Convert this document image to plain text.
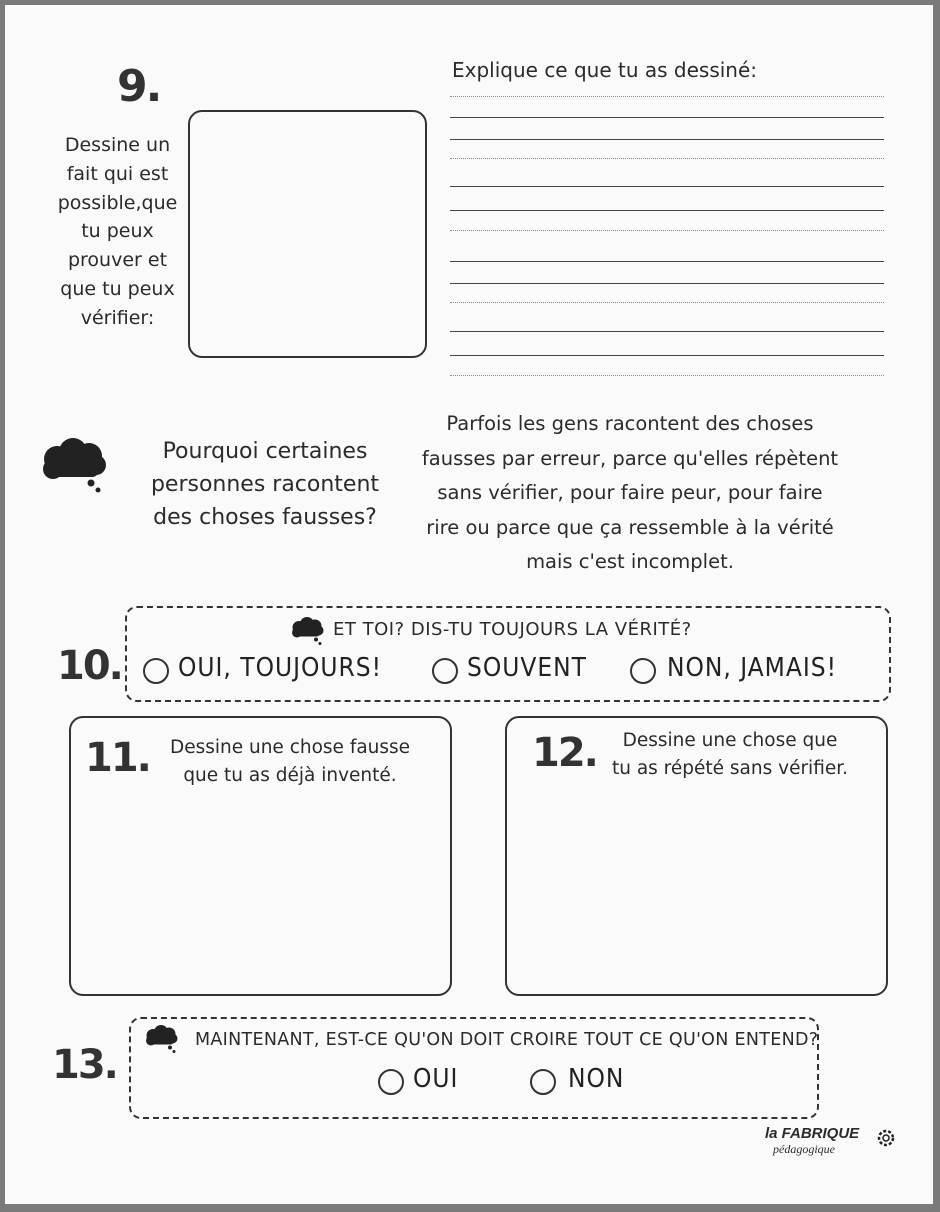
9.
Dessine un
fait qui est
possible,que
tu peux
prouver et
que tu peux
vérifier:
Explique ce que tu as dessiné:
Pourquoi certaines
personnes racontent
des choses fausses?
Parfois les gens racontent des choses
fausses par erreur, parce qu'elles répètent
sans vérifier, pour faire peur, pour faire
rire ou parce que ça ressemble à la vérité
mais c'est incomplet.
10.
ET TOI? DIS-TU TOUJOURS LA VÉRITÉ?
OUI, TOUJOURS!	SOUVENT	NON, JAMAIS!
11.	Dessine une chose fausse
que tu as déjà inventé.	12.	Dessine une chose que
tu as répété sans vérifier.
13.
MAINTENANT, EST-CE QU'ON DOIT CROIRE TOUT CE QU'ON ENTEND?
OUI	NON
la FABRIQUE
pédagogique
